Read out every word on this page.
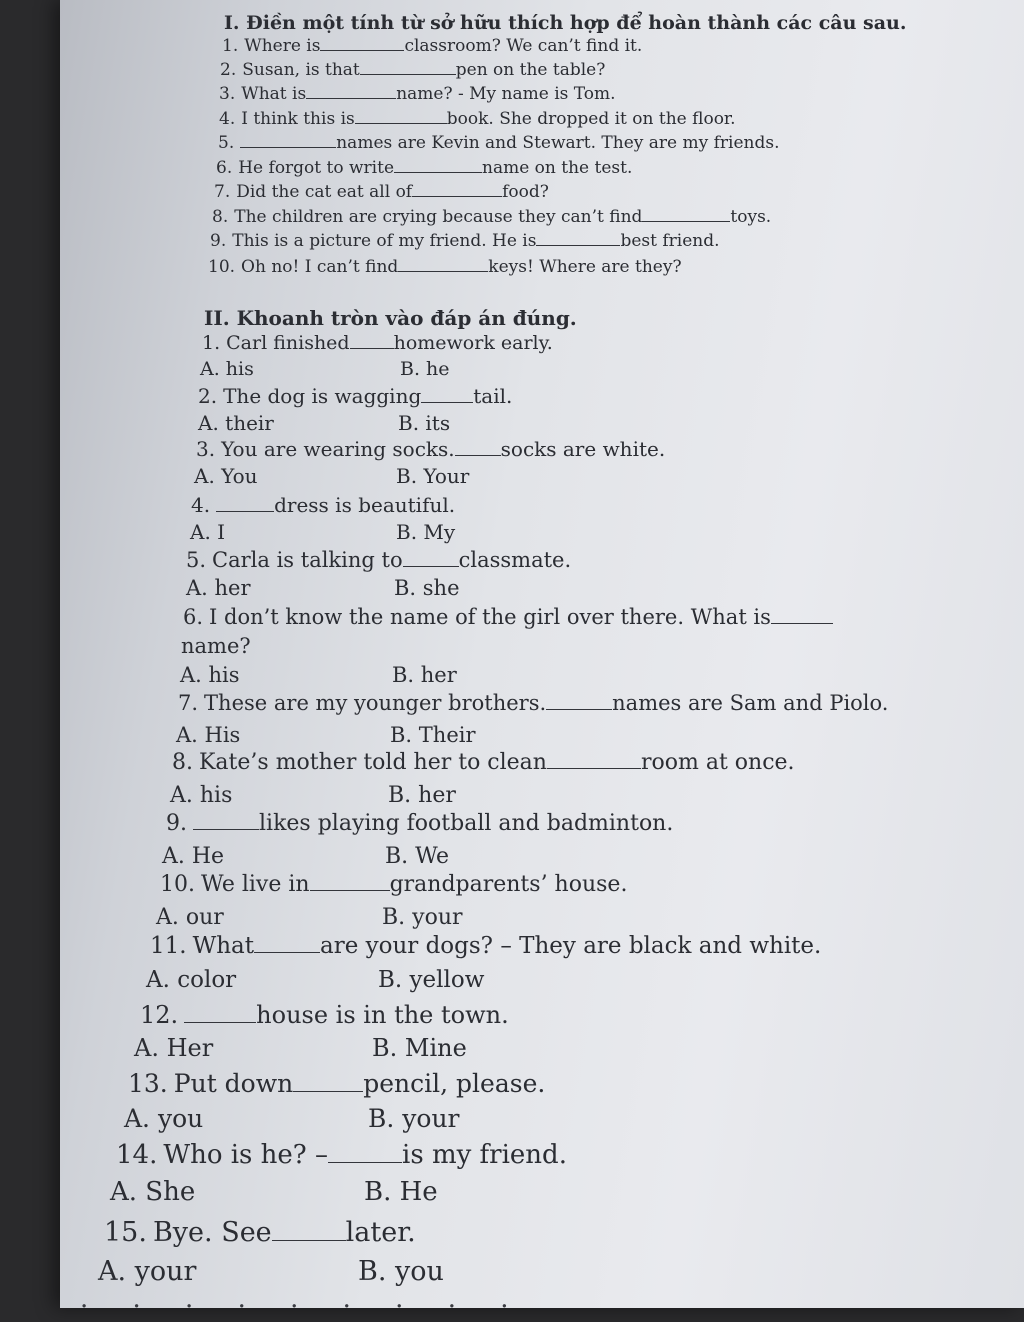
I. Điền một tính từ sở hữu thích hợp để hoàn thành các câu sau.
1. Where is	classroom? We can’t find it.
2. Susan, is that	pen on the table?
3. What is	name? - My name is Tom.
4. I think this is	book. She dropped it on the floor.
5.	names are Kevin and Stewart. They are my friends.
6. He forgot to write	name on the test.
7. Did the cat eat all of	food?
8. The children are crying because they can’t find	toys.
9. This is a picture of my friend. He is	best friend.
10. Oh no! I can’t find	keys! Where are they?
II. Khoanh tròn vào đáp án đúng.
1. Carl finished homework early.
A. his	B. he
2. The dog is wagging	tail.
A. their	B. its
3. You are wearing socks. socks are white.
A. You	B. Your
4.	dress is beautiful.
A. I	B. My
5. Carla is talking to	classmate.
A. her	B. she
6. I don’t know the name of the girl over there. What is
name?
A. his	B. her
7. These are my younger brothers.	names are Sam and Piolo.
A. His	B. Their
8. Kate’s mother told her to clean	room at once.
A. his	B. her
9.	likes playing football and badminton.
A. He	B. We
10. We live in	grandparents’ house.
A. our	B. your
11. What	are your dogs? – They are black and white.
A. color	B. yellow
12.	house is in the town.
A. Her	B. Mine
13. Put down	pencil, please.
A. you	B. your
14. Who is he? –	is my friend.
A. She	B. He
15. Bye. See	later.
A. your	B. you
· · · · · · · · ·
